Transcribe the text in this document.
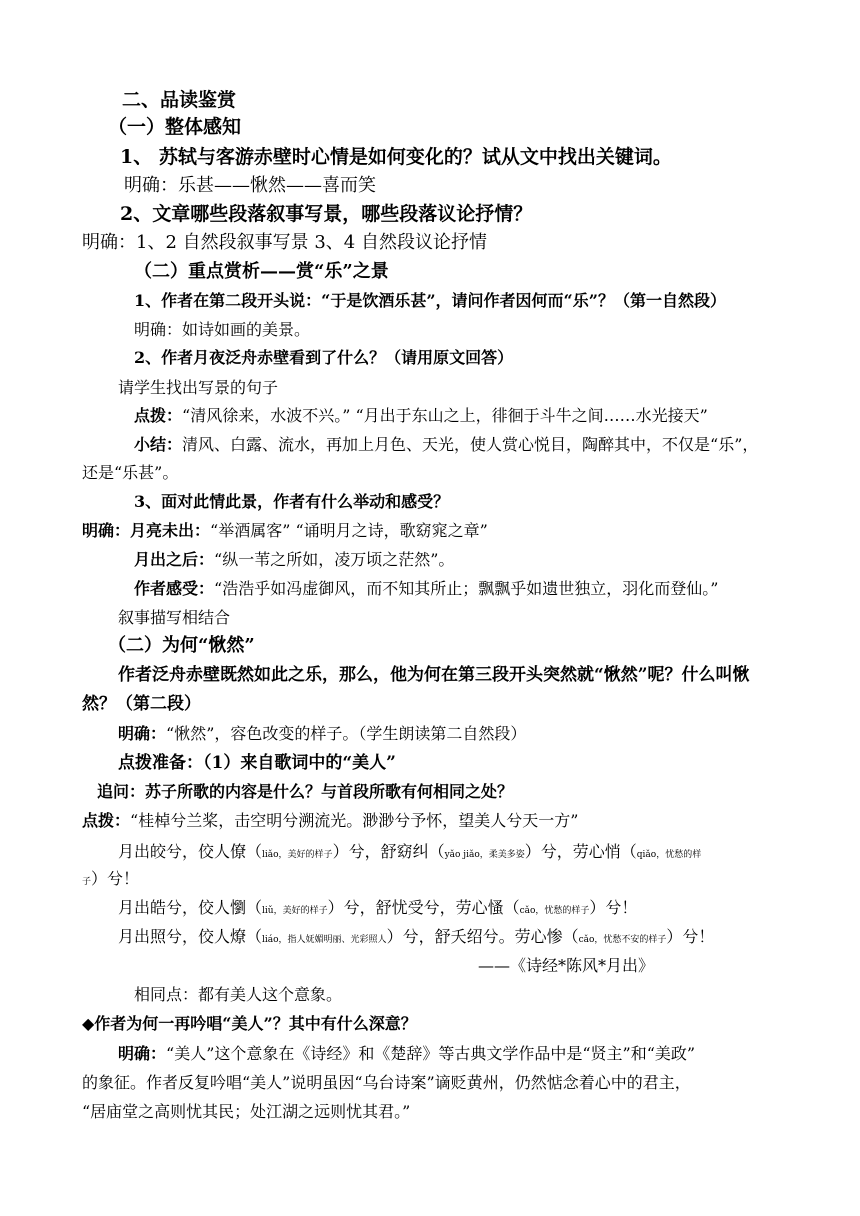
二、品读鉴赏
（一）整体感知
1、 苏轼与客游赤壁时心情是如何变化的？试从文中找出关键词。
明确：乐甚——愀然——喜而笑
2、文章哪些段落叙事写景，哪些段落议论抒情？
明确：1、2 自然段叙事写景 3、4 自然段议论抒情
（二）重点赏析——赏“乐”之景
1、作者在第二段开头说：“于是饮酒乐甚”，请问作者因何而“乐”？（第一自然段）
明确：如诗如画的美景。
2、作者月夜泛舟赤壁看到了什么？（请用原文回答）
请学生找出写景的句子
点拨：“清风徐来，水波不兴。” “月出于东山之上，徘徊于斗牛之间……水光接天”
小结：清风、白露、流水，再加上月色、天光，使人赏心悦目，陶醉其中，不仅是“乐”，
还是“乐甚”。
3、面对此情此景，作者有什么举动和感受？
明确：月亮未出：“举酒属客” “诵明月之诗，歌窈窕之章”
月出之后：“纵一苇之所如，凌万顷之茫然”。
作者感受：“浩浩乎如冯虚御风，而不知其所止；飘飘乎如遗世独立，羽化而登仙。”
叙事描写相结合
（二）为何“愀然”
作者泛舟赤壁既然如此之乐，那么，他为何在第三段开头突然就“愀然”呢？什么叫愀
然？（第二段）
明确：“愀然”，容色改变的样子。（学生朗读第二自然段）
点拨准备：（1）来自歌词中的“美人”
追问：苏子所歌的内容是什么？与首段所歌有何相同之处？
点拨：“桂棹兮兰桨，击空明兮溯流光。渺渺兮予怀，望美人兮天一方”
月出皎兮，佼人僚（liǎo，美好的样子）兮，舒窈纠（yǎo jiǎo，柔美多姿）兮，劳心悄（qiǎo，忧愁的样
子）兮！
月出皓兮，佼人懰（liǔ，美好的样子）兮，舒忧受兮，劳心慅（cǎo，忧愁的样子）兮！
月出照兮，佼人燎（liáo，指人妩媚明丽、光彩照人）兮，舒夭绍兮。劳心惨（cǎo，忧愁不安的样子）兮！
——《诗经*陈风*月出》
相同点：都有美人这个意象。
◆作者为何一再吟唱“美人”？其中有什么深意？
明确：“美人”这个意象在《诗经》和《楚辞》等古典文学作品中是“贤主”和“美政”
的象征。作者反复吟唱“美人”说明虽因“乌台诗案”谪贬黄州，仍然惦念着心中的君主，
“居庙堂之高则忧其民；处江湖之远则忧其君。”
